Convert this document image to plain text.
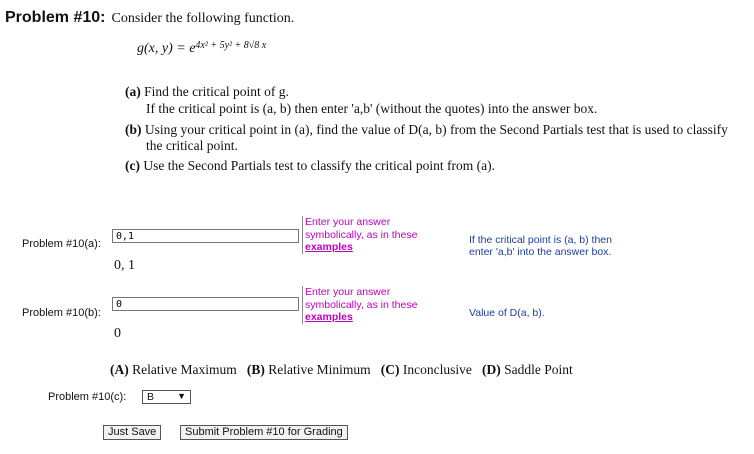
Problem #10: Consider the following function.
g(x, $y) = e^{4x^2 + 5y^2 + 8√8 x}$
(a) Find the critical point of g.
If the critical point is (a, b) then enter 'a,b' (without the quotes) into the answer box.
(b) Using your critical point in (a), find the value of D(a, b) from the Second Partials test that is used to classify
the critical point.
(c) Use the Second Partials test to classify the critical point from (a).
Problem #10(a):
0,1
0, 1
Enter your answer
symbolically, as in these
examples
If the critical point is (a, b) then
enter 'a,b' into the answer box.
Problem #10(b):
0
0
Enter your answer
symbolically, as in these
examples	Value of D(a, b).
(A) Relative Maximum (B) Relative Minimum (C) Inconclusive (D) Saddle Point
Problem #10(c):	B	▼
Just Save	Submit Problem #10 for Grading
